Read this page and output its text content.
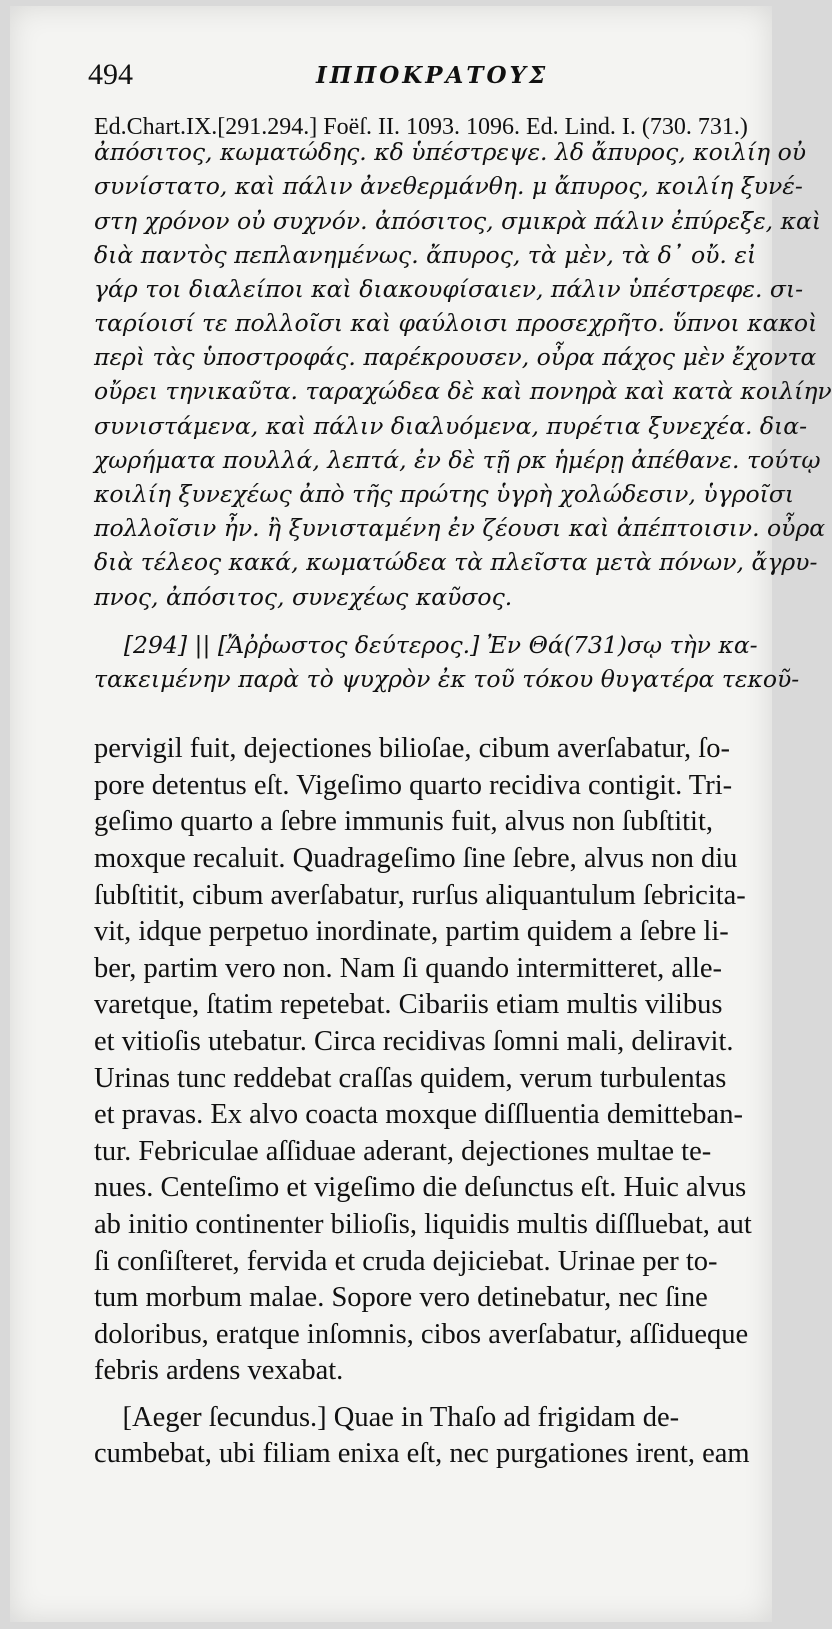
494	ΙΠΠΟΚΡΑΤΟΥΣ
Ed.Chart.IX.[291.294.] Foëſ. II. 1093. 1096. Ed. Lind. I. (730. 731.)
ἀπόσιτος, κωματώδης. κδ ὑπέστρεψε. λδ ἄπυρος, κοιλίη οὐ
συνίστατο, καὶ πάλιν ἀνεθερμάνθη. μ ἄπυρος, κοιλίη ξυνέ-
στη χρόνον οὐ συχνόν. ἀπόσιτος, σμικρὰ πάλιν ἐπύρεξε, καὶ
διὰ παντὸς πεπλανημένως. ἄπυρος, τὰ μὲν, τὰ δ᾽ οὔ. εἰ
γάρ τοι διαλείποι καὶ διακουφίσαιεν, πάλιν ὑπέστρεφε. σι-
ταρίοισί τε πολλοῖσι καὶ φαύλοισι προσεχρῆτο. ὕπνοι κακοὶ
περὶ τὰς ὑποστροφάς. παρέκρουσεν, οὖρα πάχος μὲν ἔχοντα
οὔρει τηνικαῦτα. ταραχώδεα δὲ καὶ πονηρὰ καὶ κατὰ κοιλίην
συνιστάμενα, καὶ πάλιν διαλυόμενα, πυρέτια ξυνεχέα. δια-
χωρήματα πουλλά, λεπτά, ἐν δὲ τῇ ρκ ἡμέρῃ ἀπέθανε. τούτῳ
κοιλίη ξυνεχέως ἀπὸ τῆς πρώτης ὑγρὴ χολώδεσιν, ὑγροῖσι
πολλοῖσιν ἦν. ἢ ξυνισταμένη ἐν ζέουσι καὶ ἀπέπτοισιν. οὖρα
διὰ τέλεος κακά, κωματώδεα τὰ πλεῖστα μετὰ πόνων, ἄγρυ-
πνος, ἀπόσιτος, συνεχέως καῦσος.
[294] || [Ἄῤῥωστος δεύτερος.] Ἐν Θά(731)σῳ τὴν κα-
τακειμένην παρὰ τὸ ψυχρὸν ἐκ τοῦ τόκου θυγατέρα τεκοῦ-
pervigil fuit, dejectiones bilioſae, cibum averſabatur, ſo-
pore detentus eſt. Vigeſimo quarto recidiva contigit. Tri-
geſimo quarto a ſebre immunis fuit, alvus non ſubſtitit,
moxque recaluit. Quadrageſimo ſine ſebre, alvus non diu
ſubſtitit, cibum averſabatur, rurſus aliquantulum ſebricita-
vit, idque perpetuo inordinate, partim quidem a ſebre li-
ber, partim vero non. Nam ſi quando intermitteret, alle-
varetque, ſtatim repetebat. Cibariis etiam multis vilibus
et vitioſis utebatur. Circa recidivas ſomni mali, deliravit.
Urinas tunc reddebat craſſas quidem, verum turbulentas
et pravas. Ex alvo coacta moxque diſſluentia demitteban-
tur. Febriculae aſſiduae aderant, dejectiones multae te-
nues. Centeſimo et vigeſimo die deſunctus eſt. Huic alvus
ab initio continenter bilioſis, liquidis multis diſſluebat, aut
ſi conſiſteret, fervida et cruda dejiciebat. Urinae per to-
tum morbum malae. Sopore vero detinebatur, nec ſine
doloribus, eratque inſomnis, cibos averſabatur, aſſidueque
febris ardens vexabat.
[Aeger ſecundus.] Quae in Thaſo ad frigidam de-
cumbebat, ubi filiam enixa eſt, nec purgationes irent, eam
